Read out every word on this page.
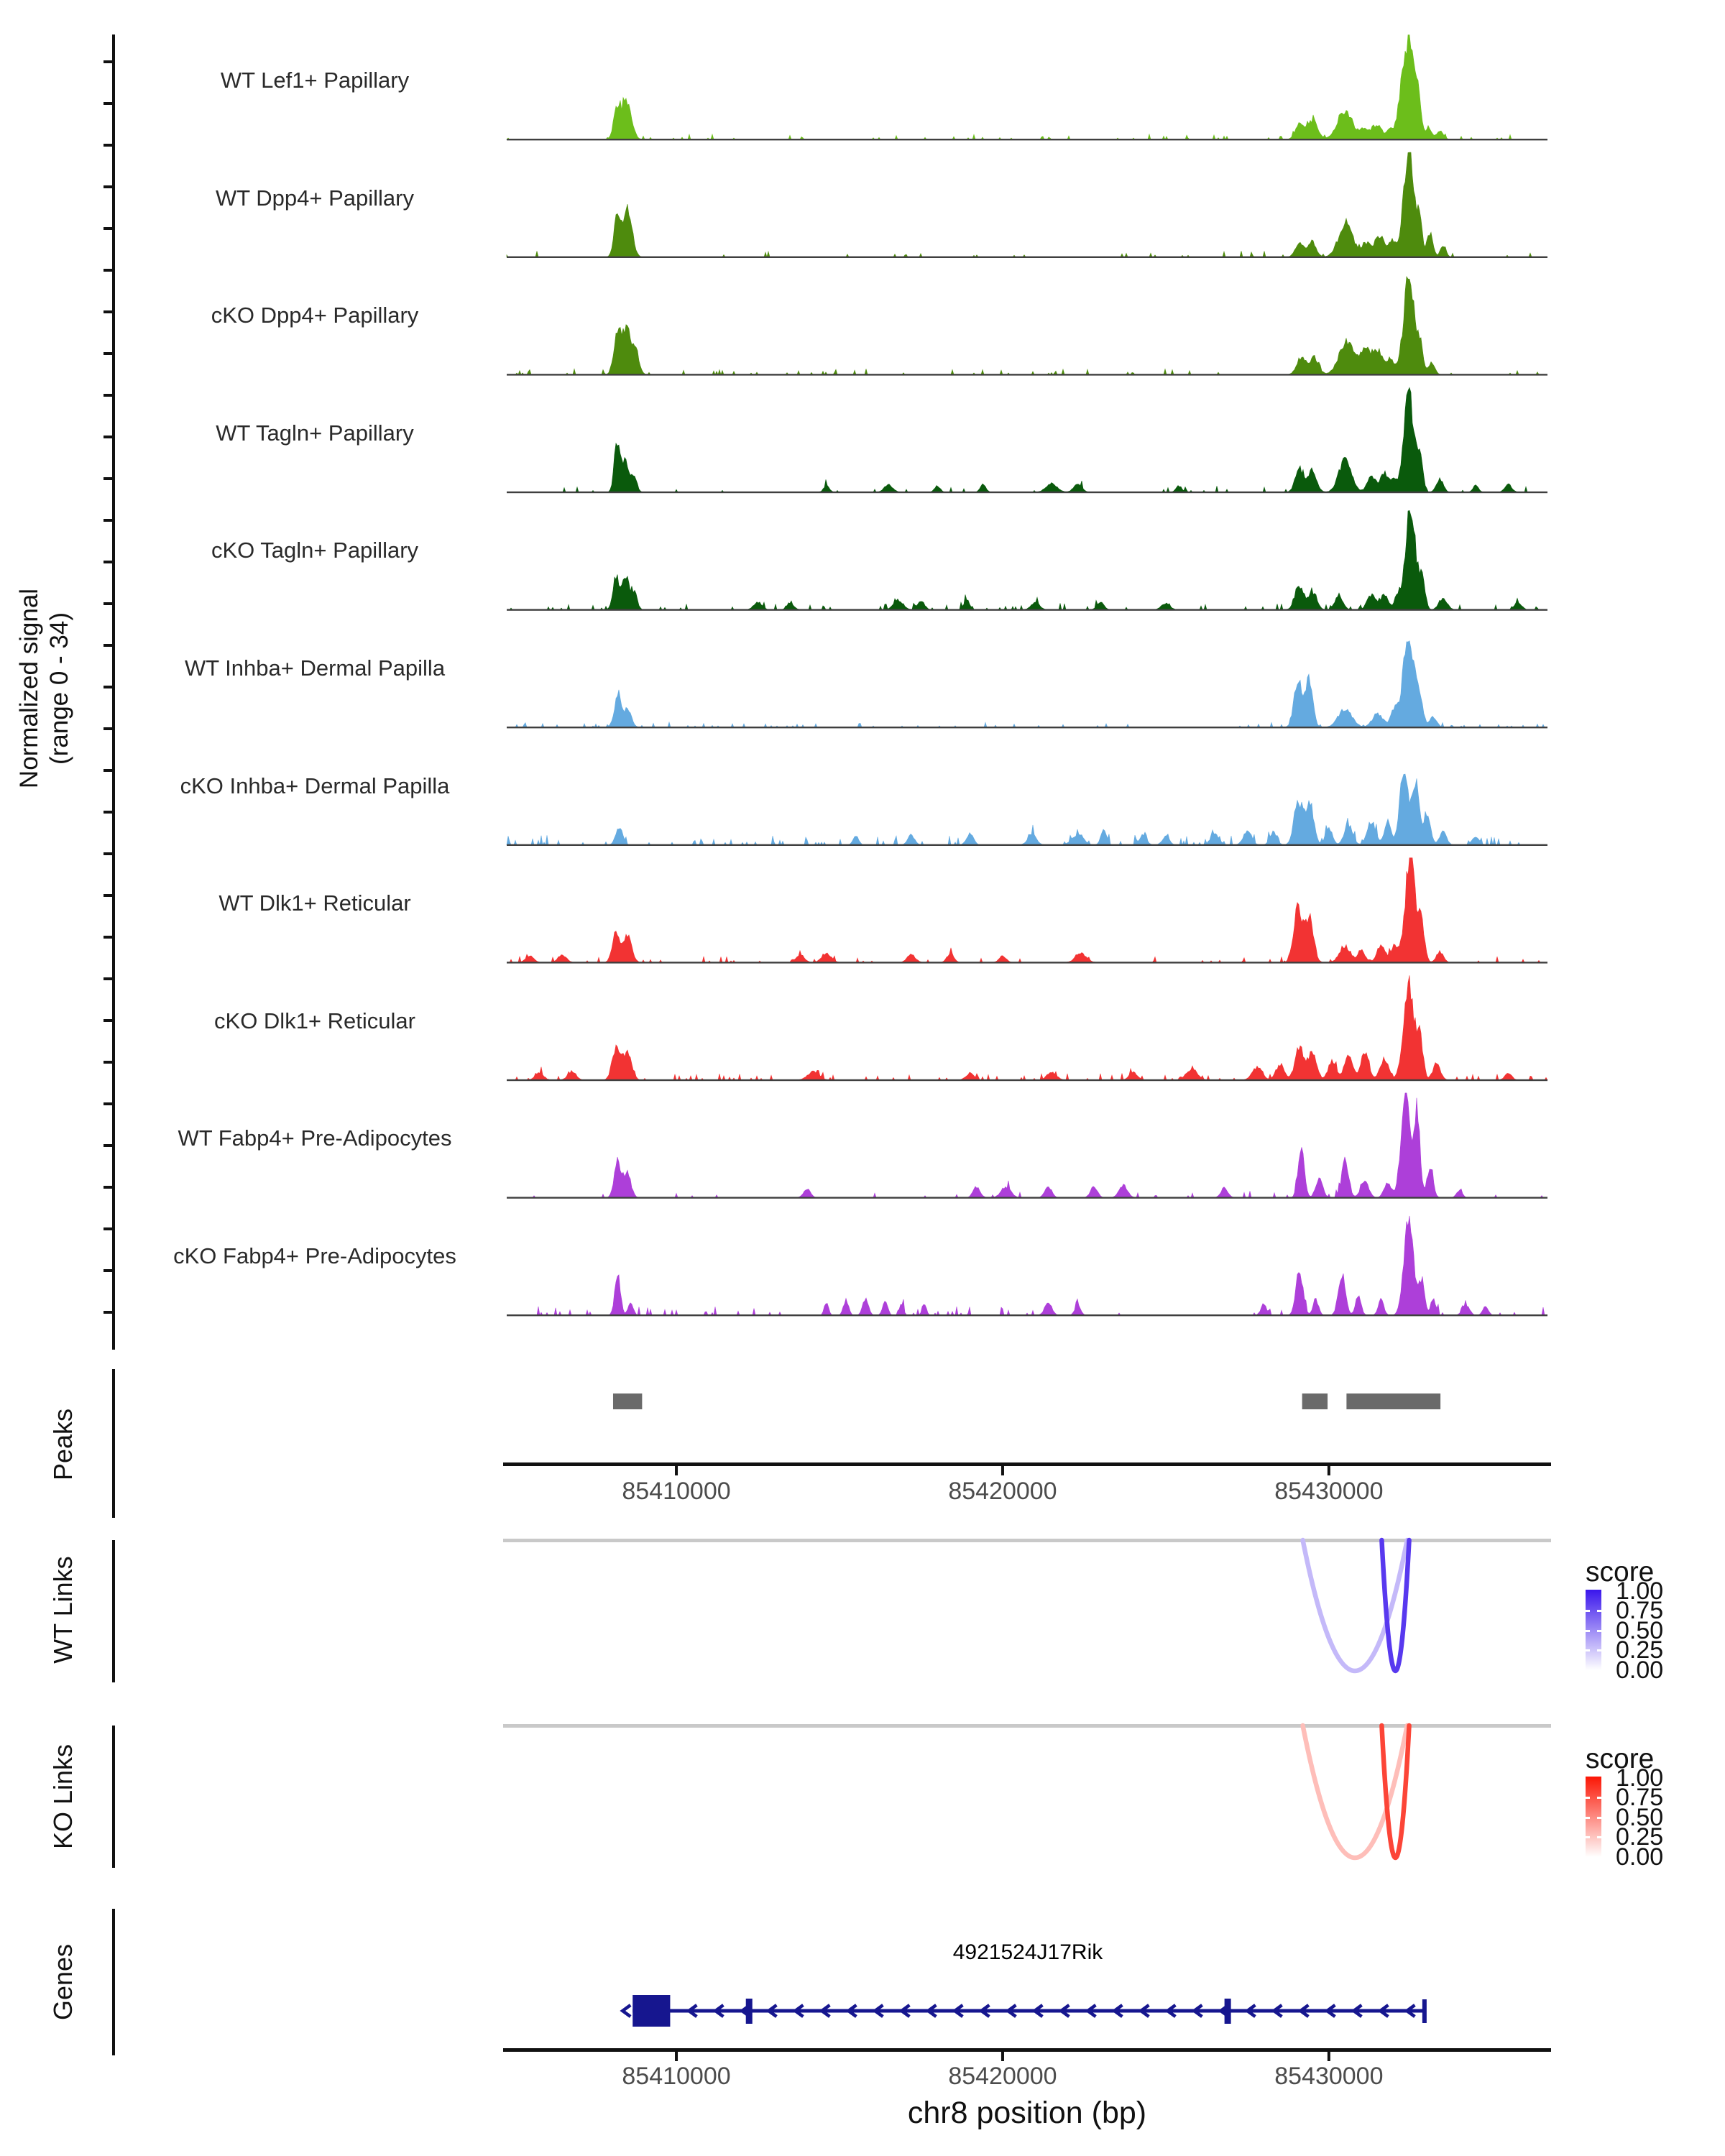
Normalized signal (range 0 - 34)
Peaks
WT Links
KO Links
Genes
WT Lef1+ Papillary
WT Dpp4+ Papillary
cKO Dpp4+ Papillary
WT Tagln+ Papillary
cKO Tagln+ Papillary
WT Inhba+ Dermal Papilla
cKO Inhba+ Dermal Papilla
WT Dlk1+ Reticular
cKO Dlk1+ Reticular
WT Fabp4+ Pre-Adipocytes
cKO Fabp4+ Pre-Adipocytes
85410000	85420000	85430000
85410000	85420000	85430000
score
1.00
0.75
0.50
0.25
0.00
score
1.00
0.75
0.50
0.25
0.00
4921524J17Rik
chr8 position (bp)
